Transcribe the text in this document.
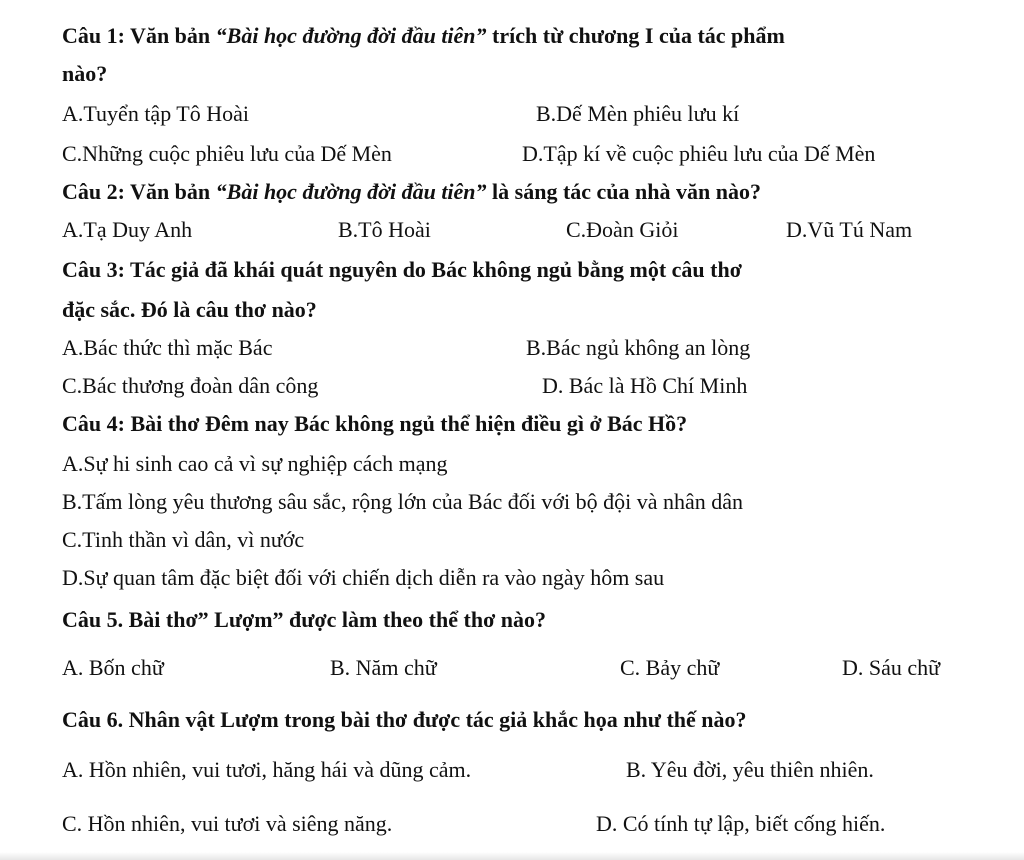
Câu 1: Văn bản “Bài học đường đời đầu tiên” trích từ chương I của tác phẩm
nào?
A.Tuyển tập Tô Hoài	B.Dế Mèn phiêu lưu kí
C.Những cuộc phiêu lưu của Dế Mèn	D.Tập kí về cuộc phiêu lưu của Dế Mèn
Câu 2: Văn bản “Bài học đường đời đầu tiên” là sáng tác của nhà văn nào?
A.Tạ Duy Anh	B.Tô Hoài	C.Đoàn Giỏi	D.Vũ Tú Nam
Câu 3: Tác giả đã khái quát nguyên do Bác không ngủ bằng một câu thơ
đặc sắc. Đó là câu thơ nào?
A.Bác thức thì mặc Bác	B.Bác ngủ không an lòng
C.Bác thương đoàn dân công	D. Bác là Hồ Chí Minh
Câu 4: Bài thơ Đêm nay Bác không ngủ thể hiện điều gì ở Bác Hồ?
A.Sự hi sinh cao cả vì sự nghiệp cách mạng
B.Tấm lòng yêu thương sâu sắc, rộng lớn của Bác đối với bộ đội và nhân dân
C.Tinh thần vì dân, vì nước
D.Sự quan tâm đặc biệt đối với chiến dịch diễn ra vào ngày hôm sau
Câu 5. Bài thơ” Lượm” được làm theo thể thơ nào?
A. Bốn chữ	B. Năm chữ	C. Bảy chữ	D. Sáu chữ
Câu 6. Nhân vật Lượm trong bài thơ được tác giả khắc họa như thế nào?
A. Hồn nhiên, vui tươi, hăng hái và dũng cảm.	B. Yêu đời, yêu thiên nhiên.
C. Hồn nhiên, vui tươi và siêng năng.	D. Có tính tự lập, biết cống hiến.
